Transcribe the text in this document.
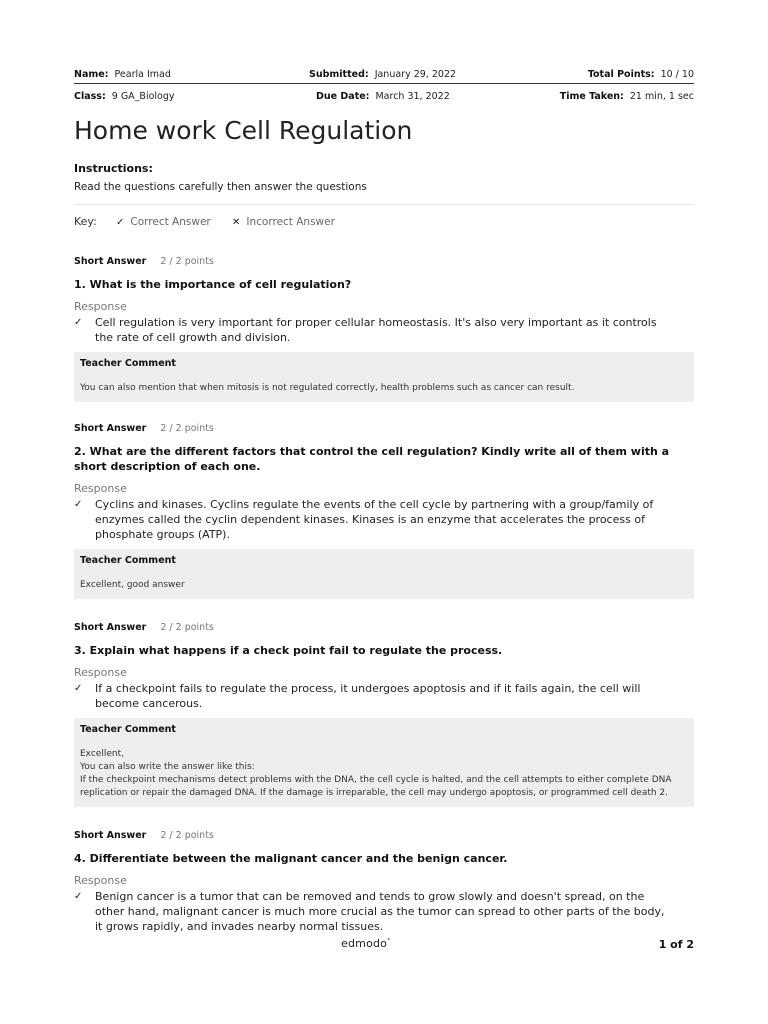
Name: Pearla Imad	Submitted: January 29, 2022	Total Points: 10 / 10
Class: 9 GA_Biology	Due Date: March 31, 2022	Time Taken: 21 min, 1 sec
Home work Cell Regulation
Instructions:
Read the questions carefully then answer the questions
Key: ✓ Correct Answer ✕ Incorrect Answer
Short Answer 2 / 2 points
1. What is the importance of cell regulation?
Response
✓ Cell regulation is very important for proper cellular homeostasis. It's also very important as it controls the rate of cell growth and division.
Teacher Comment
You can also mention that when mitosis is not regulated correctly, health problems such as cancer can result.
Short Answer 2 / 2 points
2. What are the different factors that control the cell regulation? Kindly write all of them with a short description of each one.
Response
✓ Cyclins and kinases. Cyclins regulate the events of the cell cycle by partnering with a group/family of enzymes called the cyclin dependent kinases. Kinases is an enzyme that accelerates the process of phosphate groups (ATP).
Teacher Comment
Excellent, good answer
Short Answer 2 / 2 points
3. Explain what happens if a check point fail to regulate the process.
Response
✓ If a checkpoint fails to regulate the process, it undergoes apoptosis and if it fails again, the cell will become cancerous.
Teacher Comment
Excellent,
You can also write the answer like this:
If the checkpoint mechanisms detect problems with the DNA, the cell cycle is halted, and the cell attempts to either complete DNA replication or repair the damaged DNA. If the damage is irreparable, the cell may undergo apoptosis, or programmed cell death 2.
Short Answer 2 / 2 points
4. Differentiate between the malignant cancer and the benign cancer.
Response
✓ Benign cancer is a tumor that can be removed and tends to grow slowly and doesn't spread, on the other hand, malignant cancer is much more crucial as the tumor can spread to other parts of the body, it grows rapidly, and invades nearby normal tissues.
edmodo°	1 of 2
